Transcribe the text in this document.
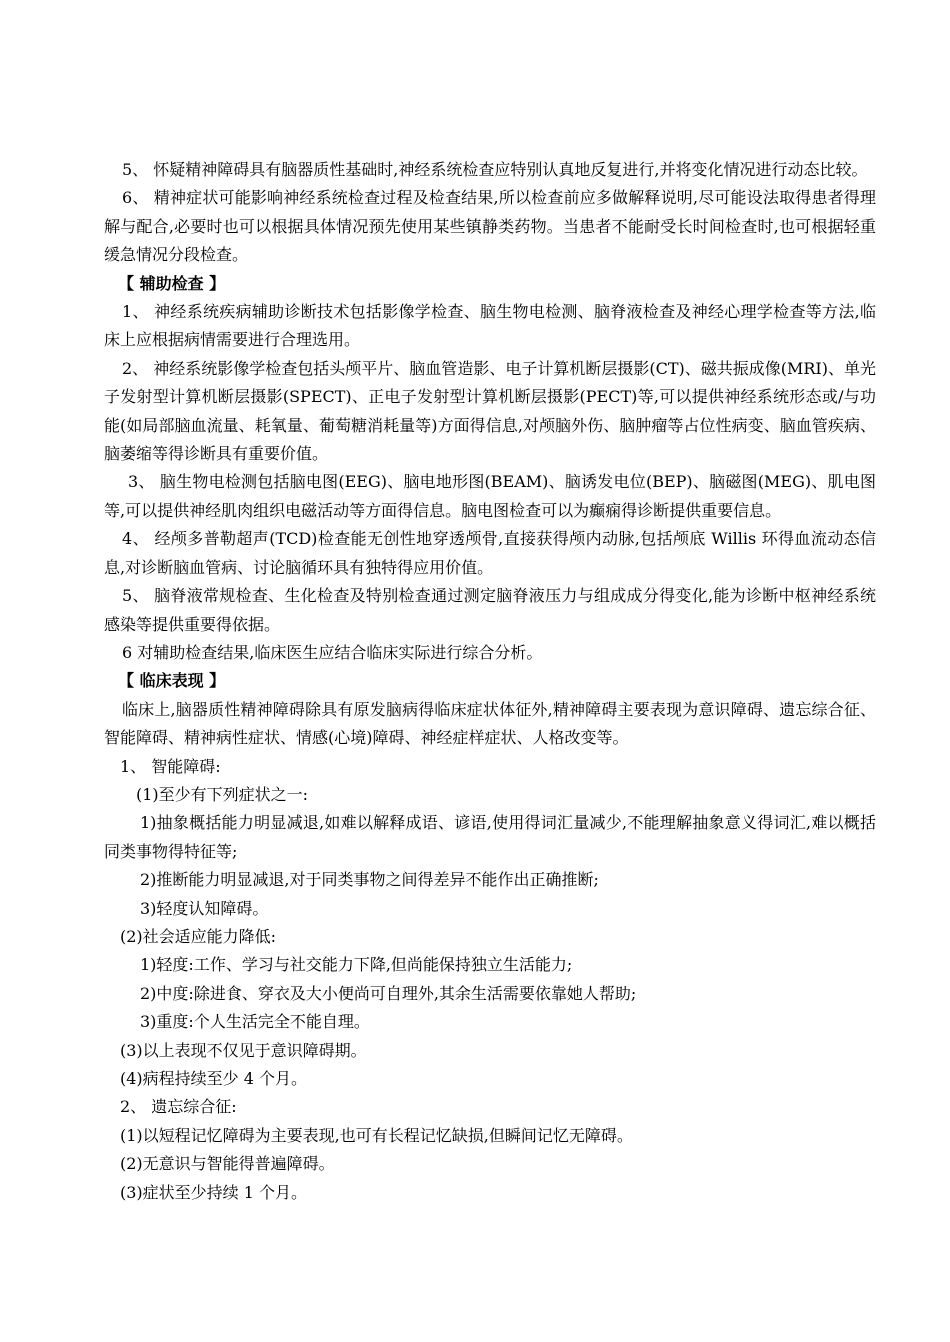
5、 怀疑精神障碍具有脑器质性基础时,神经系统检查应特别认真地反复进行,并将变化情况进行动态比较。

6、 精神症状可能影响神经系统检查过程及检查结果,所以检查前应多做解释说明,尽可能设法取得患者得理解与配合,必要时也可以根据具体情况预先使用某些镇静类药物。当患者不能耐受长时间检查时,也可根据轻重缓急情况分段检查。

【 辅助检查 】

1、 神经系统疾病辅助诊断技术包括影像学检查、脑生物电检测、脑脊液检查及神经心理学检查等方法,临床上应根据病情需要进行合理选用。

2、 神经系统影像学检查包括头颅平片、脑血管造影、电子计算机断层摄影(CT)、磁共振成像(MRI)、单光子发射型计算机断层摄影(SPECT)、正电子发射型计算机断层摄影(PECT)等,可以提供神经系统形态或/与功能(如局部脑血流量、耗氧量、葡萄糖消耗量等)方面得信息,对颅脑外伤、脑肿瘤等占位性病变、脑血管疾病、脑萎缩等得诊断具有重要价值。

3、 脑生物电检测包括脑电图(EEG)、脑电地形图(BEAM)、脑诱发电位(BEP)、脑磁图(MEG)、肌电图等,可以提供神经肌肉组织电磁活动等方面得信息。脑电图检查可以为癫痫得诊断提供重要信息。

4、 经颅多普勒超声(TCD)检查能无创性地穿透颅骨,直接获得颅内动脉,包括颅底 Willis 环得血流动态信息,对诊断脑血管病、讨论脑循环具有独特得应用价值。

5、 脑脊液常规检查、生化检查及特别检查通过测定脑脊液压力与组成成分得变化,能为诊断中枢神经系统感染等提供重要得依据。

6 对辅助检查结果,临床医生应结合临床实际进行综合分析。

【 临床表现 】

临床上,脑器质性精神障碍除具有原发脑病得临床症状体征外,精神障碍主要表现为意识障碍、遗忘综合征、智能障碍、精神病性症状、情感(心境)障碍、神经症样症状、人格改变等。

1、 智能障碍:

(1)至少有下列症状之一:

1)抽象概括能力明显减退,如难以解释成语、谚语,使用得词汇量减少,不能理解抽象意义得词汇,难以概括同类事物得特征等;

2)推断能力明显减退,对于同类事物之间得差异不能作出正确推断;

3)轻度认知障碍。

(2)社会适应能力降低:

1)轻度:工作、学习与社交能力下降,但尚能保持独立生活能力;

2)中度:除进食、穿衣及大小便尚可自理外,其余生活需要依靠她人帮助;

3)重度:个人生活完全不能自理。

(3)以上表现不仅见于意识障碍期。

(4)病程持续至少 4 个月。

2、 遗忘综合征:

(1)以短程记忆障碍为主要表现,也可有长程记忆缺损,但瞬间记忆无障碍。

(2)无意识与智能得普遍障碍。

(3)症状至少持续 1 个月。
